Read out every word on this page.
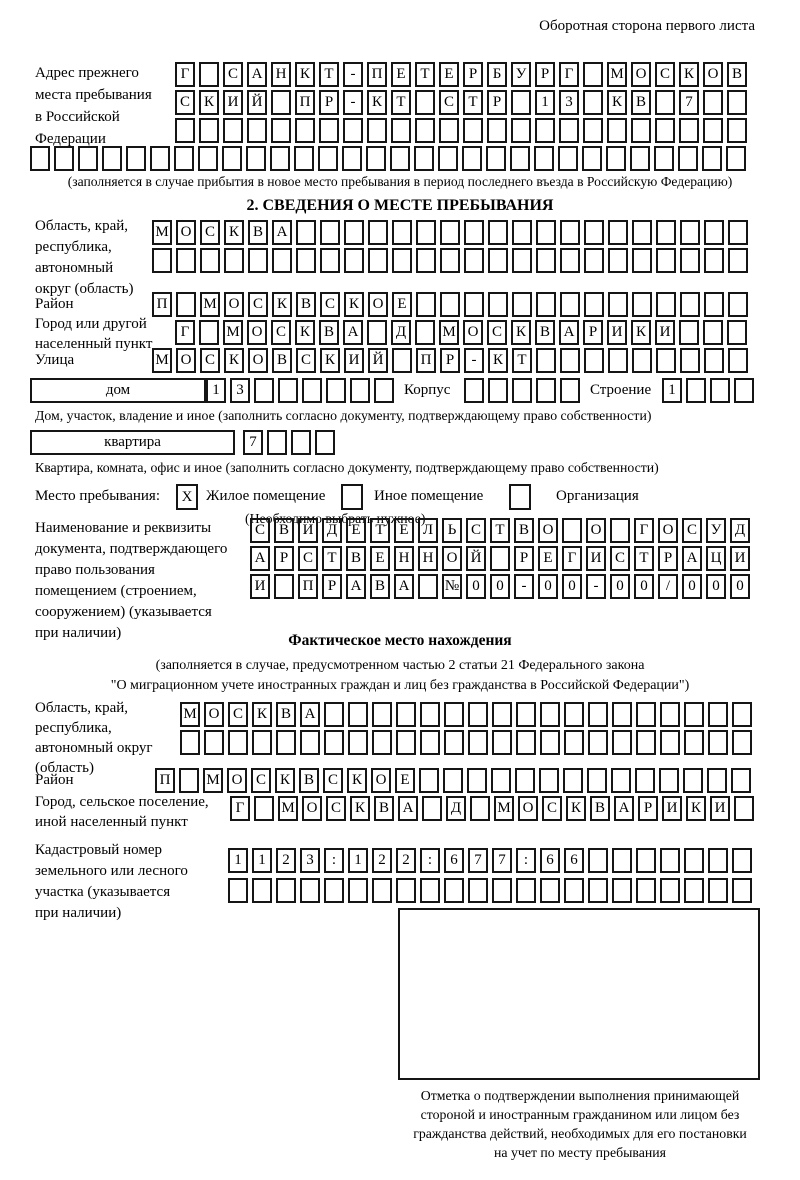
Оборотная сторона первого листа
Адрес прежнего
места пребывания
в Российской
Федерации
Г	С А Н К Т	-	П Е Т Е	Р	Б У Р	Г	М О С К О В
С К И Й	П Р	-	К Т	С Т	Р	1	3	К В	7
(заполняется в случае прибытия в новое место пребывания в период последнего въезда в Российскую Федерацию)
2. СВЕДЕНИЯ О МЕСТЕ ПРЕБЫВАНИЯ
Область, край,
республика,
автономный
округ (область)
М О С К В А
Район	П	М О С К В С К О Е
Город или другой
населенный пункт
Г	М О С К В А	Д	М О С К В А Р И К И
Улица	М О С К О В С К И Й	П Р	-	К Т
дом	1	3	Корпус	Строение	1
Дом, участок, владение и иное (заполнить согласно документу, подтверждающему право собственности)
квартира	7
Квартира, комната, офис и иное (заполнить согласно документу, подтверждающему право собственности)
Место пребывания:	X Жилое помещение	Иное помещение	Организация
(Необходимо выбрать нужное)
Наименование и реквизиты
документа, подтверждающего
право пользования
помещением (строением,
сооружением) (указывается
при наличии)
С В И Д Е Т Е Л Ь С Т В О	О	Г О С У Д
А Р С Т В Е Н Н О Й	Р	Е	Г И С Т	Р А Ц И
И	П Р А В А	№ 0	0	-	0	0	-	0	0	/	0	0	0
Фактическое место нахождения
(заполняется в случае, предусмотренном частью 2 статьи 21 Федерального закона
"О миграционном учете иностранных граждан и лиц без гражданства в Российской Федерации")
Область, край,
республика,
автономный округ
(область)
М О С К В А
Район	П	М О С К В С К О Е
Город, сельское поселение,
иной населенный пункт
Г	М О С К В А	Д	М О С К В А Р И К И
Кадастровый номер
земельного или лесного
участка (указывается
при наличии)
1	1	2	3	:	1	2	2	:	6	7	7	:	6	6
Отметка о подтверждении выполнения принимающей
стороной и иностранным гражданином или лицом без
гражданства действий, необходимых для его постановки
на учет по месту пребывания
